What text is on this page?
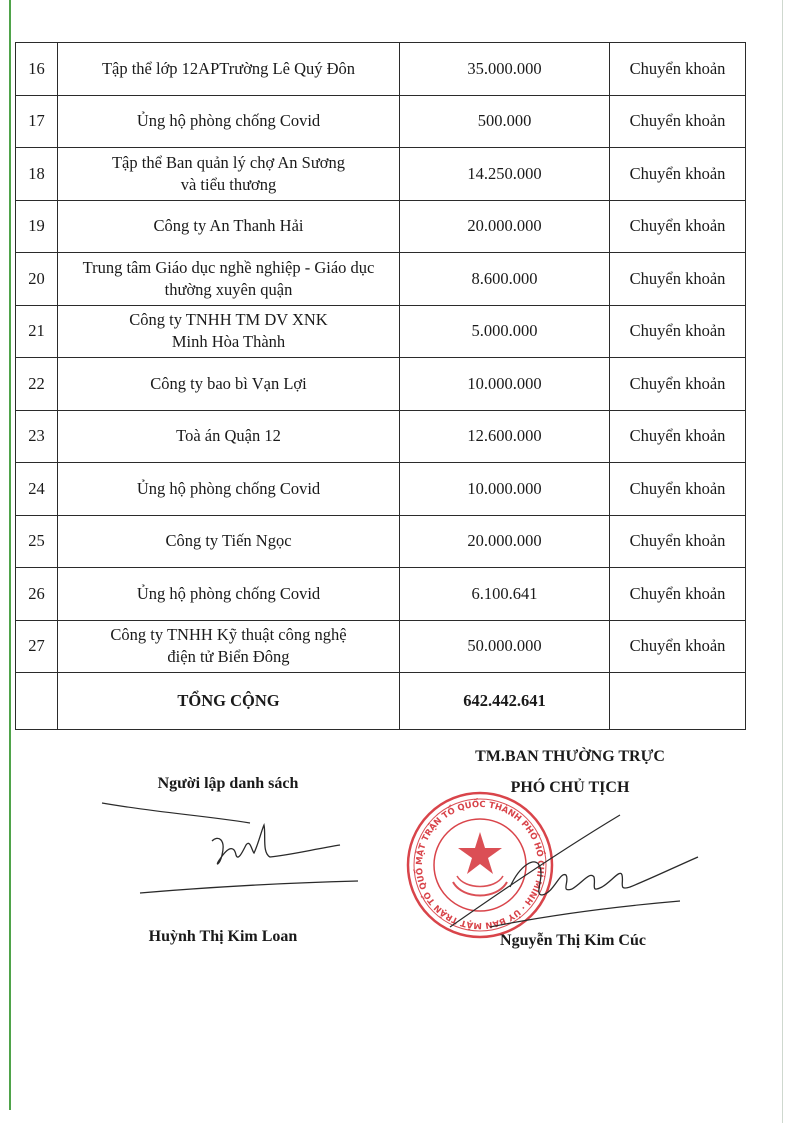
16	Tập thể lớp 12APTrường Lê Quý Đôn	35.000.000	Chuyển khoản
17	Ủng hộ phòng chống Covid	500.000	Chuyển khoản
18	Tập thể Ban quản lý chợ An Sương
và tiểu thương	14.250.000	Chuyển khoản
19	Công ty An Thanh Hải	20.000.000	Chuyển khoản
20	Trung tâm Giáo dục nghề nghiệp - Giáo dục
thường xuyên quận	8.600.000	Chuyển khoản
21	Công ty TNHH TM DV XNK
Minh Hòa Thành	5.000.000	Chuyển khoản
22	Công ty bao bì Vạn Lợi	10.000.000	Chuyển khoản
23	Toà án Quận 12	12.600.000	Chuyển khoản
24	Ủng hộ phòng chống Covid	10.000.000	Chuyển khoản
25	Công ty Tiến Ngọc	20.000.000	Chuyển khoản
26	Ủng hộ phòng chống Covid	6.100.641	Chuyển khoản
27	Công ty TNHH Kỹ thuật công nghệ
điện tử Biển Đông	50.000.000	Chuyển khoản
	TỔNG CỘNG	642.442.641	
Người lập danh sách
Huỳnh Thị Kim Loan
TM.BAN THƯỜNG TRỰC
PHÓ CHỦ TỊCH
MẶT TRẬN TỔ QUỐC THÀNH PHỐ HỒ CHÍ MINH · ỦY BAN MẶT TRẬN TỔ QUỐC QUẬN 12
Nguyễn Thị Kim Cúc
